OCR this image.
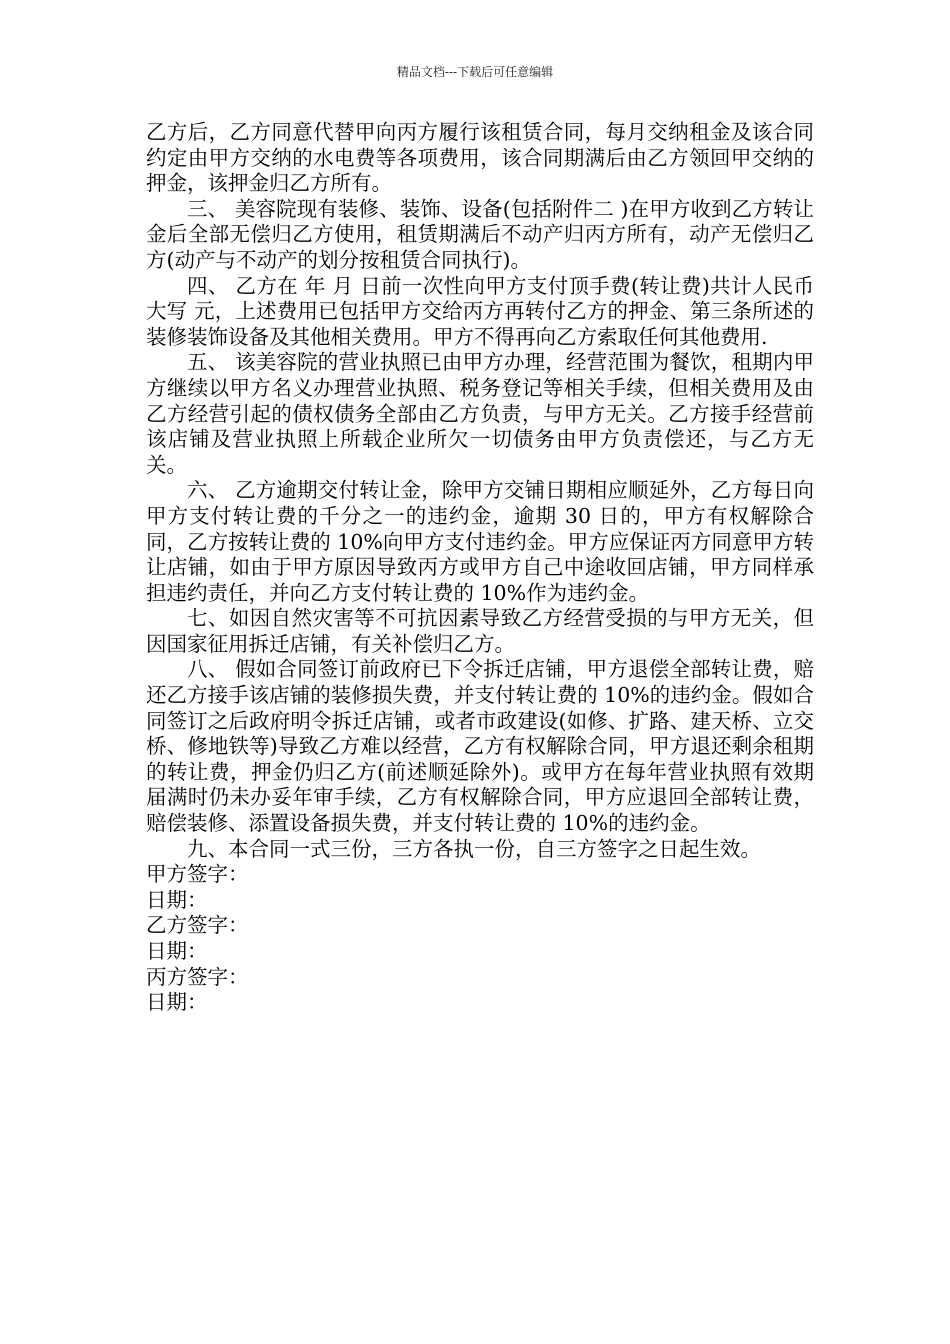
精品文档---下载后可任意编辑

乙方后，乙方同意代替甲向丙方履行该租赁合同，每月交纳租金及该合同约定由甲方交纳的水电费等各项费用，该合同期满后由乙方领回甲交纳的押金，该押金归乙方所有。

三、 美容院现有装修、装饰、设备(包括附件二 )在甲方收到乙方转让金后全部无偿归乙方使用，租赁期满后不动产归丙方所有，动产无偿归乙方(动产与不动产的划分按租赁合同执行)。

四、 乙方在 年 月 日前一次性向甲方支付顶手费(转让费)共计人民币大写 元，上述费用已包括甲方交给丙方再转付乙方的押金、第三条所述的装修装饰设备及其他相关费用。甲方不得再向乙方索取任何其他费用.

五、 该美容院的营业执照已由甲方办理，经营范围为餐饮，租期内甲方继续以甲方名义办理营业执照、税务登记等相关手续，但相关费用及由乙方经营引起的债权债务全部由乙方负责，与甲方无关。乙方接手经营前该店铺及营业执照上所载企业所欠一切债务由甲方负责偿还，与乙方无关。

六、 乙方逾期交付转让金，除甲方交铺日期相应顺延外，乙方每日向甲方支付转让费的千分之一的违约金，逾期 30 日的，甲方有权解除合同，乙方按转让费的 10%向甲方支付违约金。甲方应保证丙方同意甲方转让店铺，如由于甲方原因导致丙方或甲方自己中途收回店铺，甲方同样承担违约责任，并向乙方支付转让费的 10%作为违约金。

七、如因自然灾害等不可抗因素导致乙方经营受损的与甲方无关，但因国家征用拆迁店铺，有关补偿归乙方。

八、 假如合同签订前政府已下令拆迁店铺，甲方退偿全部转让费，赔还乙方接手该店铺的装修损失费，并支付转让费的 10%的违约金。假如合同签订之后政府明令拆迁店铺，或者市政建设(如修、扩路、建天桥、立交桥、修地铁等)导致乙方难以经营，乙方有权解除合同，甲方退还剩余租期的转让费，押金仍归乙方(前述顺延除外)。或甲方在每年营业执照有效期届满时仍未办妥年审手续，乙方有权解除合同，甲方应退回全部转让费，赔偿装修、添置设备损失费，并支付转让费的 10%的违约金。

九、本合同一式三份，三方各执一份，自三方签字之日起生效。

甲方签字：

日期：

乙方签字：

日期：

丙方签字：

日期：
